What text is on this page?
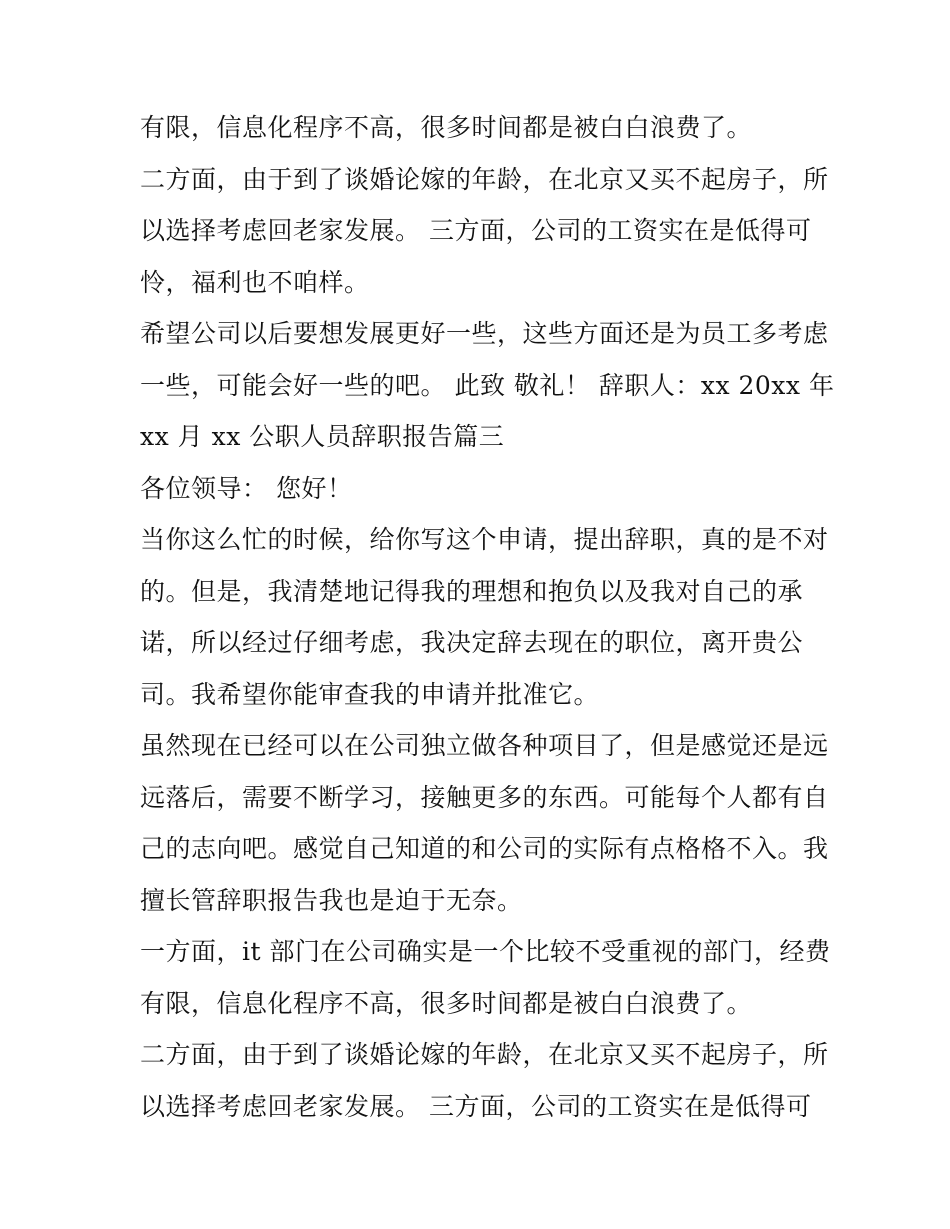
有限，信息化程序不高，很多时间都是被白白浪费了。
二方面，由于到了谈婚论嫁的年龄，在北京又买不起房子，所
以选择考虑回老家发展。 三方面，公司的工资实在是低得可
怜，福利也不咱样。
希望公司以后要想发展更好一些，这些方面还是为员工多考虑
一些，可能会好一些的吧。 此致 敬礼！ 辞职人：xx 20xx 年
xx 月 xx 公职人员辞职报告篇三
各位领导： 您好！
当你这么忙的时候，给你写这个申请，提出辞职，真的是不对
的。但是，我清楚地记得我的理想和抱负以及我对自己的承
诺，所以经过仔细考虑，我决定辞去现在的职位，离开贵公
司。我希望你能审查我的申请并批准它。
虽然现在已经可以在公司独立做各种项目了，但是感觉还是远
远落后，需要不断学习，接触更多的东西。可能每个人都有自
己的志向吧。感觉自己知道的和公司的实际有点格格不入。我
擅长管辞职报告我也是迫于无奈。
一方面，it 部门在公司确实是一个比较不受重视的部门，经费
有限，信息化程序不高，很多时间都是被白白浪费了。
二方面，由于到了谈婚论嫁的年龄，在北京又买不起房子，所
以选择考虑回老家发展。 三方面，公司的工资实在是低得可
